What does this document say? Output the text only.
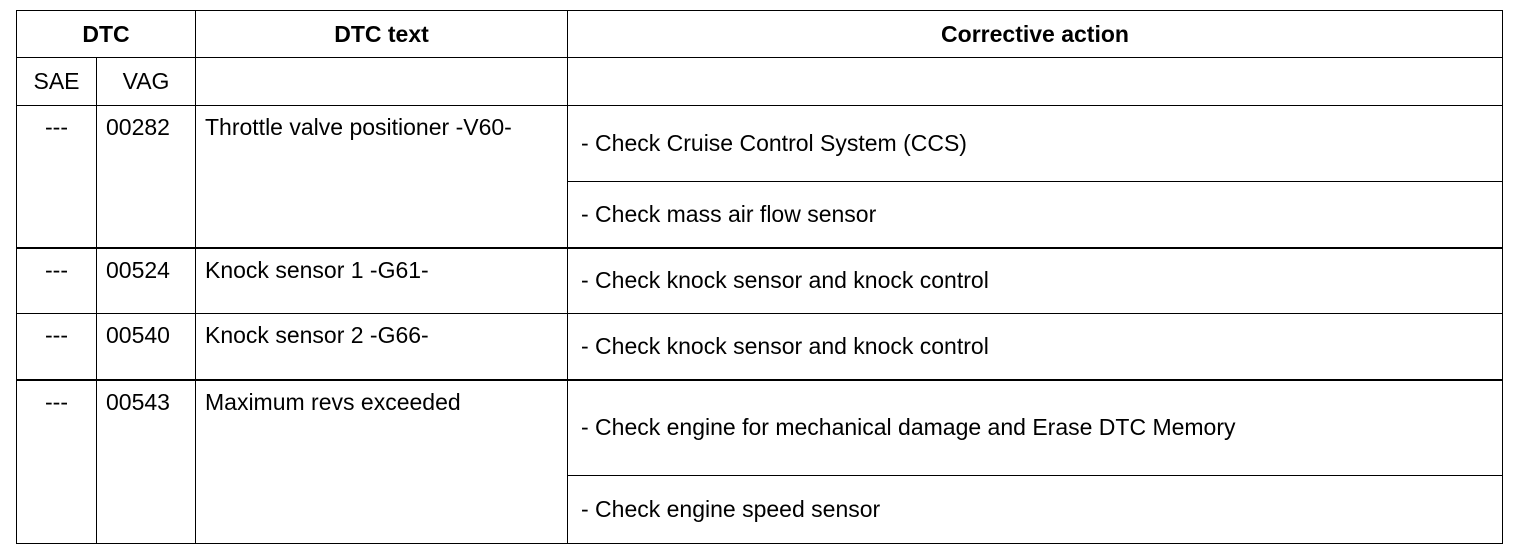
DTC		DTC text	Corrective action
SAE	VAG		
---	00282	Throttle valve positioner -V60-	- Check Cruise Control System (CCS)
			- Check mass air flow sensor
---	00524	Knock sensor 1 -G61-	- Check knock sensor and knock control
---	00540	Knock sensor 2 -G66-	- Check knock sensor and knock control
---	00543	Maximum revs exceeded	- Check engine for mechanical damage and Erase DTC Memory
			- Check engine speed sensor
